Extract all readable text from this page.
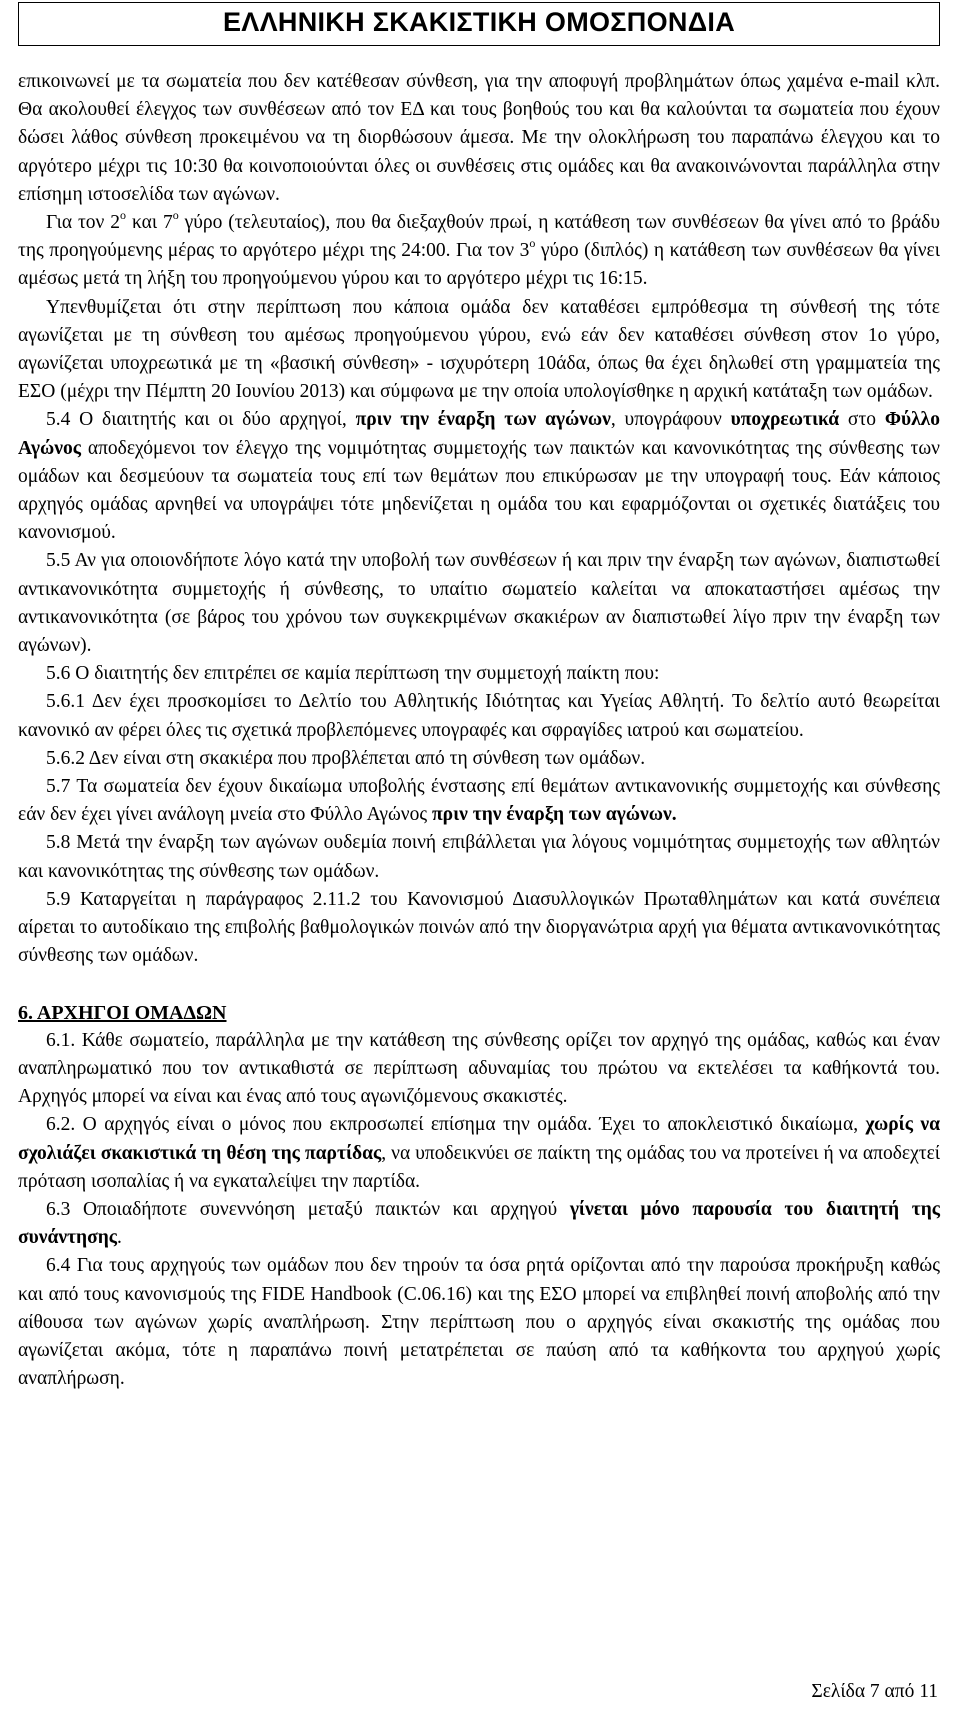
ΕΛΛΗΝΙΚΗ ΣΚΑΚΙΣΤΙΚΗ ΟΜΟΣΠΟΝΔΙΑ

επικοινωνεί με τα σωματεία που δεν κατέθεσαν σύνθεση, για την αποφυγή προβλημάτων όπως χαμένα e-mail κλπ. Θα ακολουθεί έλεγχος των συνθέσεων από τον ΕΔ και τους βοηθούς του και θα καλούνται τα σωματεία που έχουν δώσει λάθος σύνθεση προκειμένου να τη διορθώσουν άμεσα. Με την ολοκλήρωση του παραπάνω έλεγχου και το αργότερο μέχρι τις 10:30 θα κοινοποιούνται όλες οι συνθέσεις στις ομάδες και θα ανακοινώνονται παράλληλα στην επίσημη ιστοσελίδα των αγώνων.

Για τον $2^o$ και $7^o$ γύρο (τελευταίος), που θα διεξαχθούν πρωί, η κατάθεση των συνθέσεων θα γίνει από το βράδυ της προηγούμενης μέρας το αργότερο μέχρι της 24:00. Για τον $3^o$ γύρο (διπλός) η κατάθεση των συνθέσεων θα γίνει αμέσως μετά τη λήξη του προηγούμενου γύρου και το αργότερο μέχρι τις 16:15.

Υπενθυμίζεται ότι στην περίπτωση που κάποια ομάδα δεν καταθέσει εμπρόθεσμα τη σύνθεσή της τότε αγωνίζεται με τη σύνθεση του αμέσως προηγούμενου γύρου, ενώ εάν δεν καταθέσει σύνθεση στον 1ο γύρο, αγωνίζεται υποχρεωτικά με τη «βασική σύνθεση» - ισχυρότερη 10άδα, όπως θα έχει δηλωθεί στη γραμματεία της ΕΣΟ (μέχρι την Πέμπτη 20 Ιουνίου 2013) και σύμφωνα με την οποία υπολογίσθηκε η αρχική κατάταξη των ομάδων.

5.4 Ο διαιτητής και οι δύο αρχηγοί, πριν την έναρξη των αγώνων, υπογράφουν υποχρεωτικά στο Φύλλο Αγώνος αποδεχόμενοι τον έλεγχο της νομιμότητας συμμετοχής των παικτών και κανονικότητας της σύνθεσης των ομάδων και δεσμεύουν τα σωματεία τους επί των θεμάτων που επικύρωσαν με την υπογραφή τους. Εάν κάποιος αρχηγός ομάδας αρνηθεί να υπογράψει τότε μηδενίζεται η ομάδα του και εφαρμόζονται οι σχετικές διατάξεις του κανονισμού.

5.5 Αν για οποιονδήποτε λόγο κατά την υποβολή των συνθέσεων ή και πριν την έναρξη των αγώνων, διαπιστωθεί αντικανονικότητα συμμετοχής ή σύνθεσης, το υπαίτιο σωματείο καλείται να αποκαταστήσει αμέσως την αντικανονικότητα (σε βάρος του χρόνου των συγκεκριμένων σκακιέρων αν διαπιστωθεί λίγο πριν την έναρξη των αγώνων).

5.6 Ο διαιτητής δεν επιτρέπει σε καμία περίπτωση την συμμετοχή παίκτη που:

5.6.1 Δεν έχει προσκομίσει το Δελτίο του Αθλητικής Ιδιότητας και Υγείας Αθλητή. Το δελτίο αυτό θεωρείται κανονικό αν φέρει όλες τις σχετικά προβλεπόμενες υπογραφές και σφραγίδες ιατρού και σωματείου.

5.6.2 Δεν είναι στη σκακιέρα που προβλέπεται από τη σύνθεση των ομάδων.

5.7 Τα σωματεία δεν έχουν δικαίωμα υποβολής ένστασης επί θεμάτων αντικανονικής συμμετοχής και σύνθεσης εάν δεν έχει γίνει ανάλογη μνεία στο Φύλλο Αγώνος πριν την έναρξη των αγώνων.

5.8 Μετά την έναρξη των αγώνων ουδεμία ποινή επιβάλλεται για λόγους νομιμότητας συμμετοχής των αθλητών και κανονικότητας της σύνθεσης των ομάδων.

5.9 Καταργείται η παράγραφος 2.11.2 του Κανονισμού Διασυλλογικών Πρωταθλημάτων και κατά συνέπεια αίρεται το αυτοδίκαιο της επιβολής βαθμολογικών ποινών από την διοργανώτρια αρχή για θέματα αντικανονικότητας σύνθεσης των ομάδων.

6. ΑΡΧΗΓΟΙ ΟΜΑΔΩΝ

6.1. Κάθε σωματείο, παράλληλα με την κατάθεση της σύνθεσης ορίζει τον αρχηγό της ομάδας, καθώς και έναν αναπληρωματικό που τον αντικαθιστά σε περίπτωση αδυναμίας του πρώτου να εκτελέσει τα καθήκοντά του. Αρχηγός μπορεί να είναι και ένας από τους αγωνιζόμενους σκακιστές.

6.2. Ο αρχηγός είναι ο μόνος που εκπροσωπεί επίσημα την ομάδα. Έχει το αποκλειστικό δικαίωμα, χωρίς να σχολιάζει σκακιστικά τη θέση της παρτίδας, να υποδεικνύει σε παίκτη της ομάδας του να προτείνει ή να αποδεχτεί πρόταση ισοπαλίας ή να εγκαταλείψει την παρτίδα.

6.3 Οποιαδήποτε συνεννόηση μεταξύ παικτών και αρχηγού γίνεται μόνο παρουσία του διαιτητή της συνάντησης.

6.4 Για τους αρχηγούς των ομάδων που δεν τηρούν τα όσα ρητά ορίζονται από την παρούσα προκήρυξη καθώς και από τους κανονισμούς της FIDE Handbook (C.06.16) και της ΕΣΟ μπορεί να επιβληθεί ποινή αποβολής από την αίθουσα των αγώνων χωρίς αναπλήρωση. Στην περίπτωση που ο αρχηγός είναι σκακιστής της ομάδας που αγωνίζεται ακόμα, τότε η παραπάνω ποινή μετατρέπεται σε παύση από τα καθήκοντα του αρχηγού χωρίς αναπλήρωση.

Σελίδα 7 από 11
